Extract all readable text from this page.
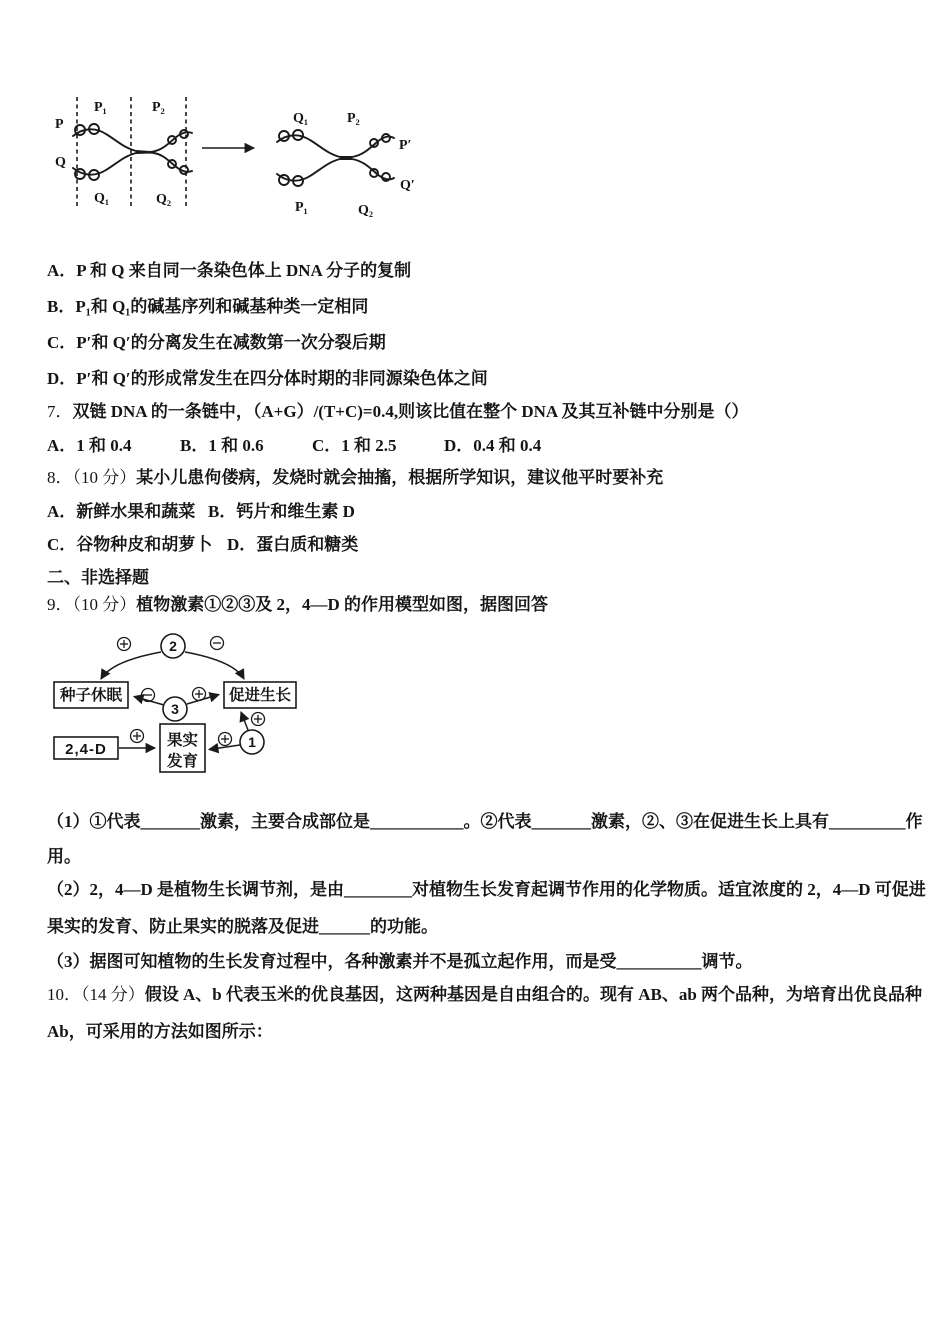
P
Q
P₁	P₂
Q₁	Q₂
Q₁	P₂
P′
Q′
P₁	Q₂
A．P 和 Q 来自同一条染色体上 DNA 分子的复制
B．P₁和 Q₁的碱基序列和碱基种类一定相同
C．P′和 Q′的分离发生在减数第一次分裂后期
D．P′和 Q′的形成常发生在四分体时期的非同源染色体之间
7．双链 DNA 的一条链中，（A+G）/(T+C)=0.4,则该比值在整个 DNA 及其互补链中分别是（）
A．1 和 0.4	B．1 和 0.6	C．1 和 2.5	D．0.4 和 0.4
8．（10 分）某小儿患佝偻病，发烧时就会抽搐，根据所学知识，建议他平时要补充
A．新鲜水果和蔬菜 B．钙片和维生素 D
C．谷物种皮和胡萝卜 D．蛋白质和糖类
二、非选择题
9．（10 分）植物激素①②③及 2，4—D 的作用模型如图，据图回答
2
3
1
种子休眠	促进生长
果实
发育
2,4-D
（1）①代表_______激素，主要合成部位是___________。②代表_______激素，②、③在促进生长上具有_________作
用。
（2）2，4—D 是植物生长调节剂，是由________对植物生长发育起调节作用的化学物质。适宜浓度的 2，4—D 可促进
果实的发育、防止果实的脱落及促进______的功能。
（3）据图可知植物的生长发育过程中，各种激素并不是孤立起作用，而是受__________调节。
10．（14 分）假设 A、b 代表玉米的优良基因，这两种基因是自由组合的。现有 AB、ab 两个品种，为培育出优良品种
Ab，可采用的方法如图所示：
